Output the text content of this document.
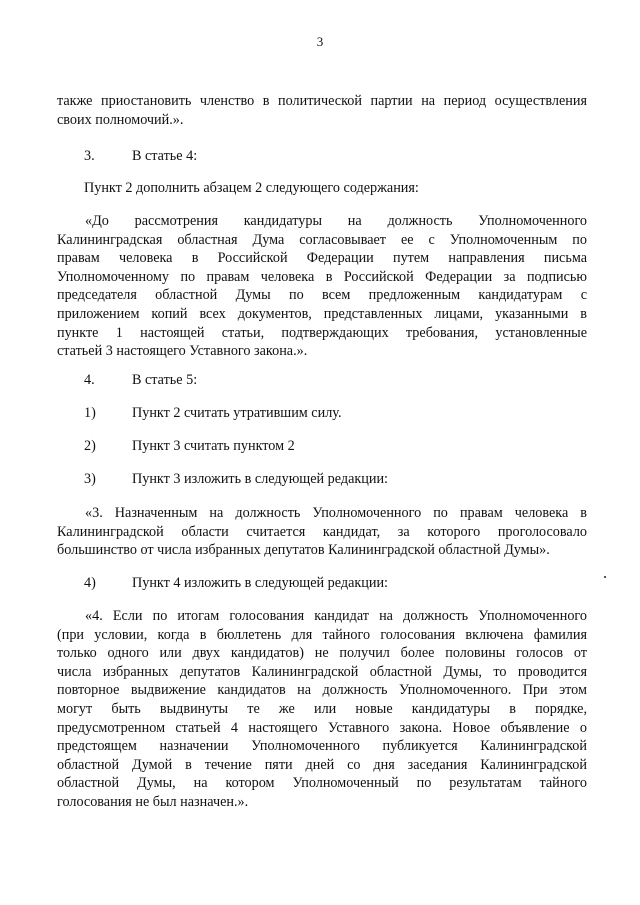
3
также приостановить членство в политической партии на период осуществления
своих полномочий.».
3.	В статье 4:
Пункт 2 дополнить абзацем 2 следующего содержания:
«До рассмотрения кандидатуры на должность Уполномоченного
Калининградская областная Дума согласовывает ее с Уполномоченным по
правам человека в Российской Федерации путем направления письма
Уполномоченному по правам человека в Российской Федерации за подписью
председателя областной Думы по всем предложенным кандидатурам с
приложением копий всех документов, представленных лицами, указанными в
пункте 1 настоящей статьи, подтверждающих требования, установленные
статьей 3 настоящего Уставного закона.».
4.	В статье 5:
1)	Пункт 2 считать утратившим силу.
2)	Пункт 3 считать пунктом 2
3)	Пункт 3 изложить в следующей редакции:
«3. Назначенным на должность Уполномоченного по правам человека в
Калининградской области считается кандидат, за которого проголосовало
большинство от числа избранных депутатов Калининградской областной Думы».
4)	Пункт 4 изложить в следующей редакции:
«4. Если по итогам голосования кандидат на должность Уполномоченного
(при условии, когда в бюллетень для тайного голосования включена фамилия
только одного или двух кандидатов) не получил более половины голосов от
числа избранных депутатов Калининградской областной Думы, то проводится
повторное выдвижение кандидатов на должность Уполномоченного. При этом
могут быть выдвинуты те же или новые кандидатуры в порядке,
предусмотренном статьей 4 настоящего Уставного закона. Новое объявление о
предстоящем назначении Уполномоченного публикуется Калининградской
областной Думой в течение пяти дней со дня заседания Калининградской
областной Думы, на котором Уполномоченный по результатам тайного
голосования не был назначен.».
